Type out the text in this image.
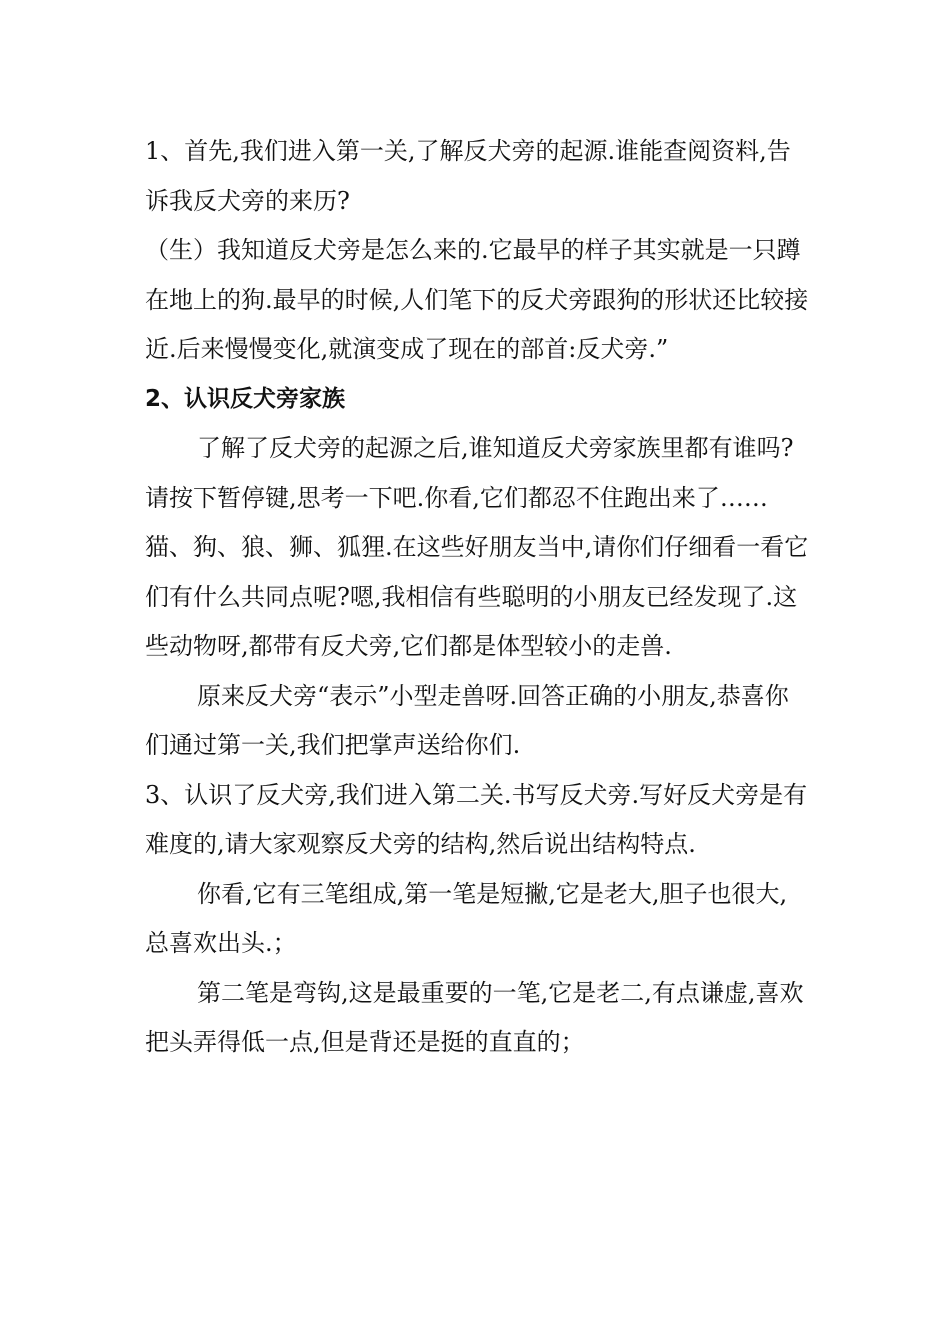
1、首先,我们进入第一关,了解反犬旁的起源.谁能查阅资料,告诉我反犬旁的来历?

（生）我知道反犬旁是怎么来的.它最早的样子其实就是一只蹲在地上的狗.最早的时候,人们笔下的反犬旁跟狗的形状还比较接近.后来慢慢变化,就演变成了现在的部首:反犬旁.”

2、认识反犬旁家族

了解了反犬旁的起源之后,谁知道反犬旁家族里都有谁吗?请按下暂停键,思考一下吧.你看,它们都忍不住跑出来了……猫、狗、狼、狮、狐狸.在这些好朋友当中,请你们仔细看一看它们有什么共同点呢?嗯,我相信有些聪明的小朋友已经发现了.这些动物呀,都带有反犬旁,它们都是体型较小的走兽.

原来反犬旁“表示”小型走兽呀.回答正确的小朋友,恭喜你们通过第一关,我们把掌声送给你们.

3、认识了反犬旁,我们进入第二关.书写反犬旁.写好反犬旁是有难度的,请大家观察反犬旁的结构,然后说出结构特点.

你看,它有三笔组成,第一笔是短撇,它是老大,胆子也很大,总喜欢出头.；

第二笔是弯钩,这是最重要的一笔,它是老二,有点谦虚,喜欢把头弄得低一点,但是背还是挺的直直的；
